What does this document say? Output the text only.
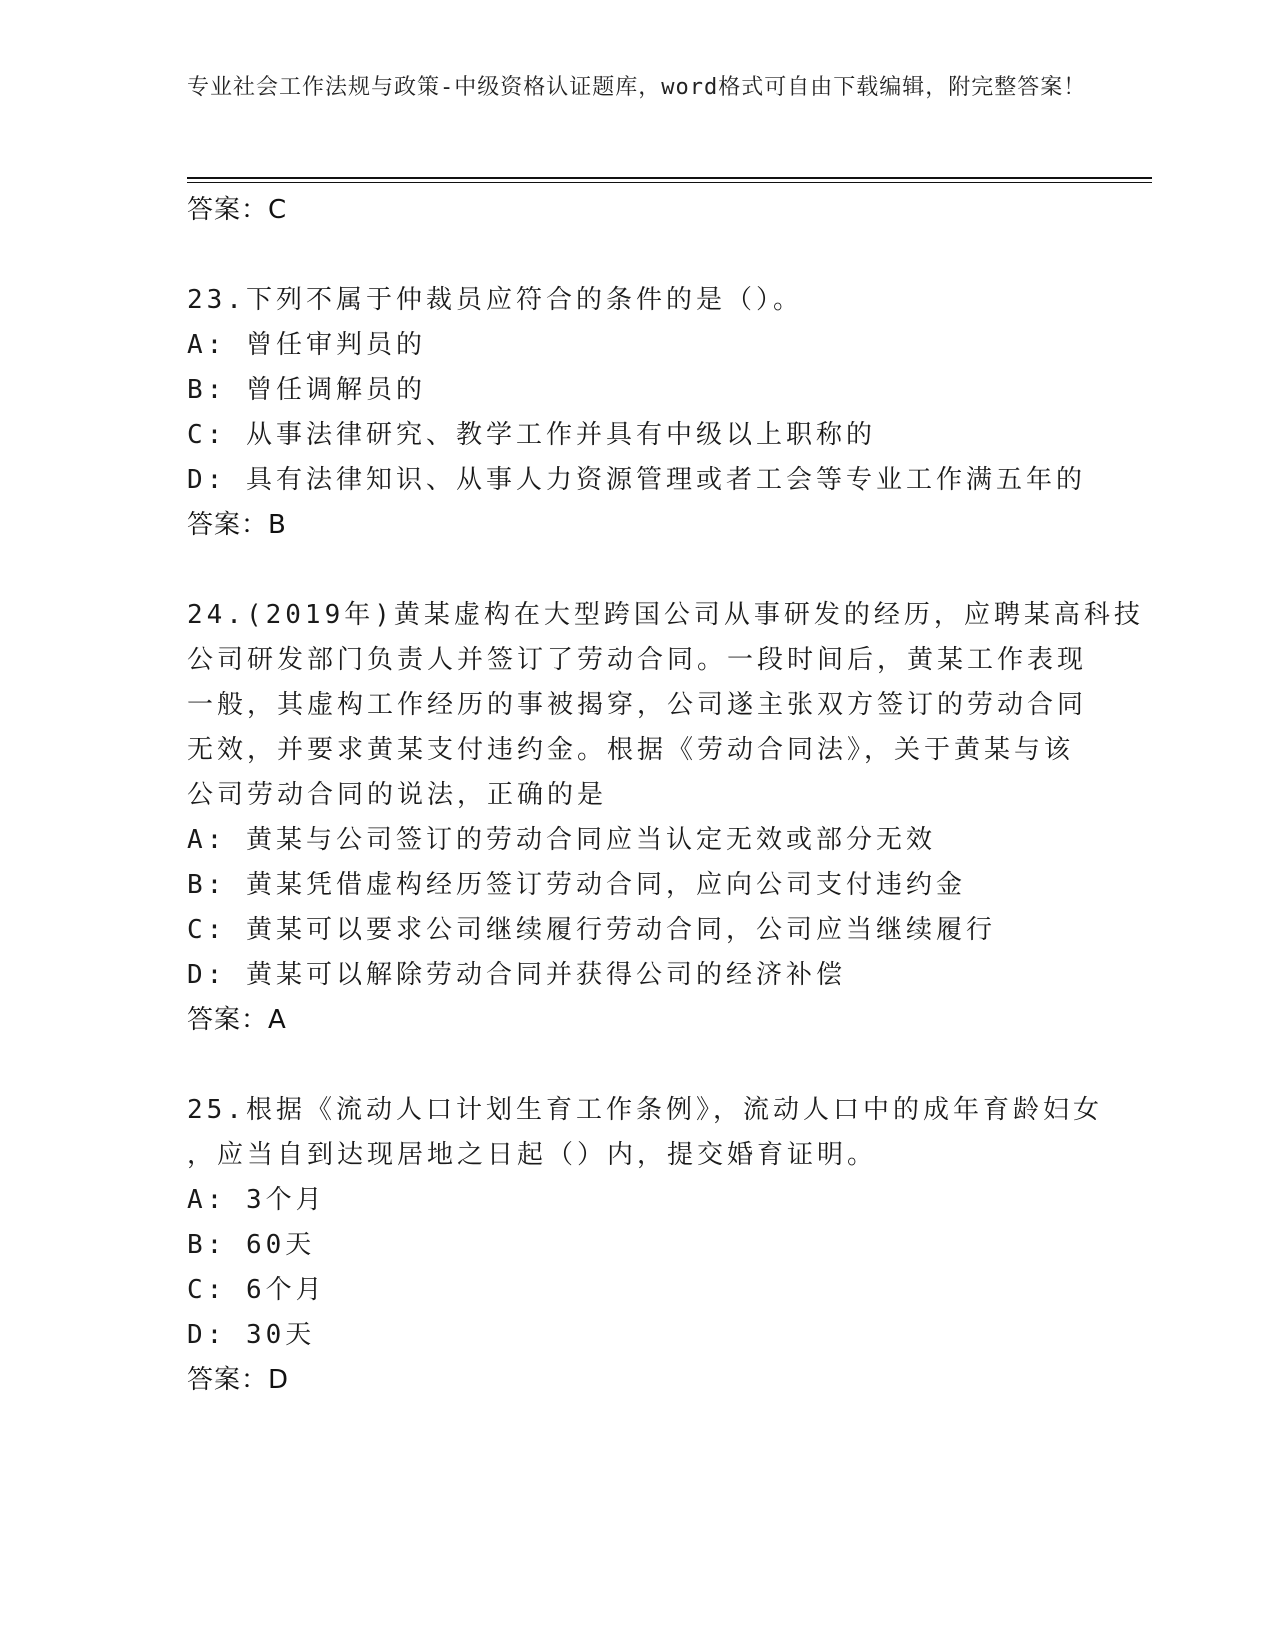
专业社会工作法规与政策-中级资格认证题库，word格式可自由下载编辑，附完整答案！
答案：C
23.下列不属于仲裁员应符合的条件的是（）。
A: 曾任审判员的
B: 曾任调解员的
C: 从事法律研究、教学工作并具有中级以上职称的
D: 具有法律知识、从事人力资源管理或者工会等专业工作满五年的
答案：B
24.(2019年)黄某虚构在大型跨国公司从事研发的经历，应聘某高科技
公司研发部门负责人并签订了劳动合同。一段时间后，黄某工作表现
一般，其虚构工作经历的事被揭穿，公司遂主张双方签订的劳动合同
无效，并要求黄某支付违约金。根据《劳动合同法》，关于黄某与该
公司劳动合同的说法，正确的是
A: 黄某与公司签订的劳动合同应当认定无效或部分无效
B: 黄某凭借虚构经历签订劳动合同，应向公司支付违约金
C: 黄某可以要求公司继续履行劳动合同，公司应当继续履行
D: 黄某可以解除劳动合同并获得公司的经济补偿
答案：A
25.根据《流动人口计划生育工作条例》，流动人口中的成年育龄妇女
，应当自到达现居地之日起（）内，提交婚育证明。
A: 3个月
B: 60天
C: 6个月
D: 30天
答案：D
